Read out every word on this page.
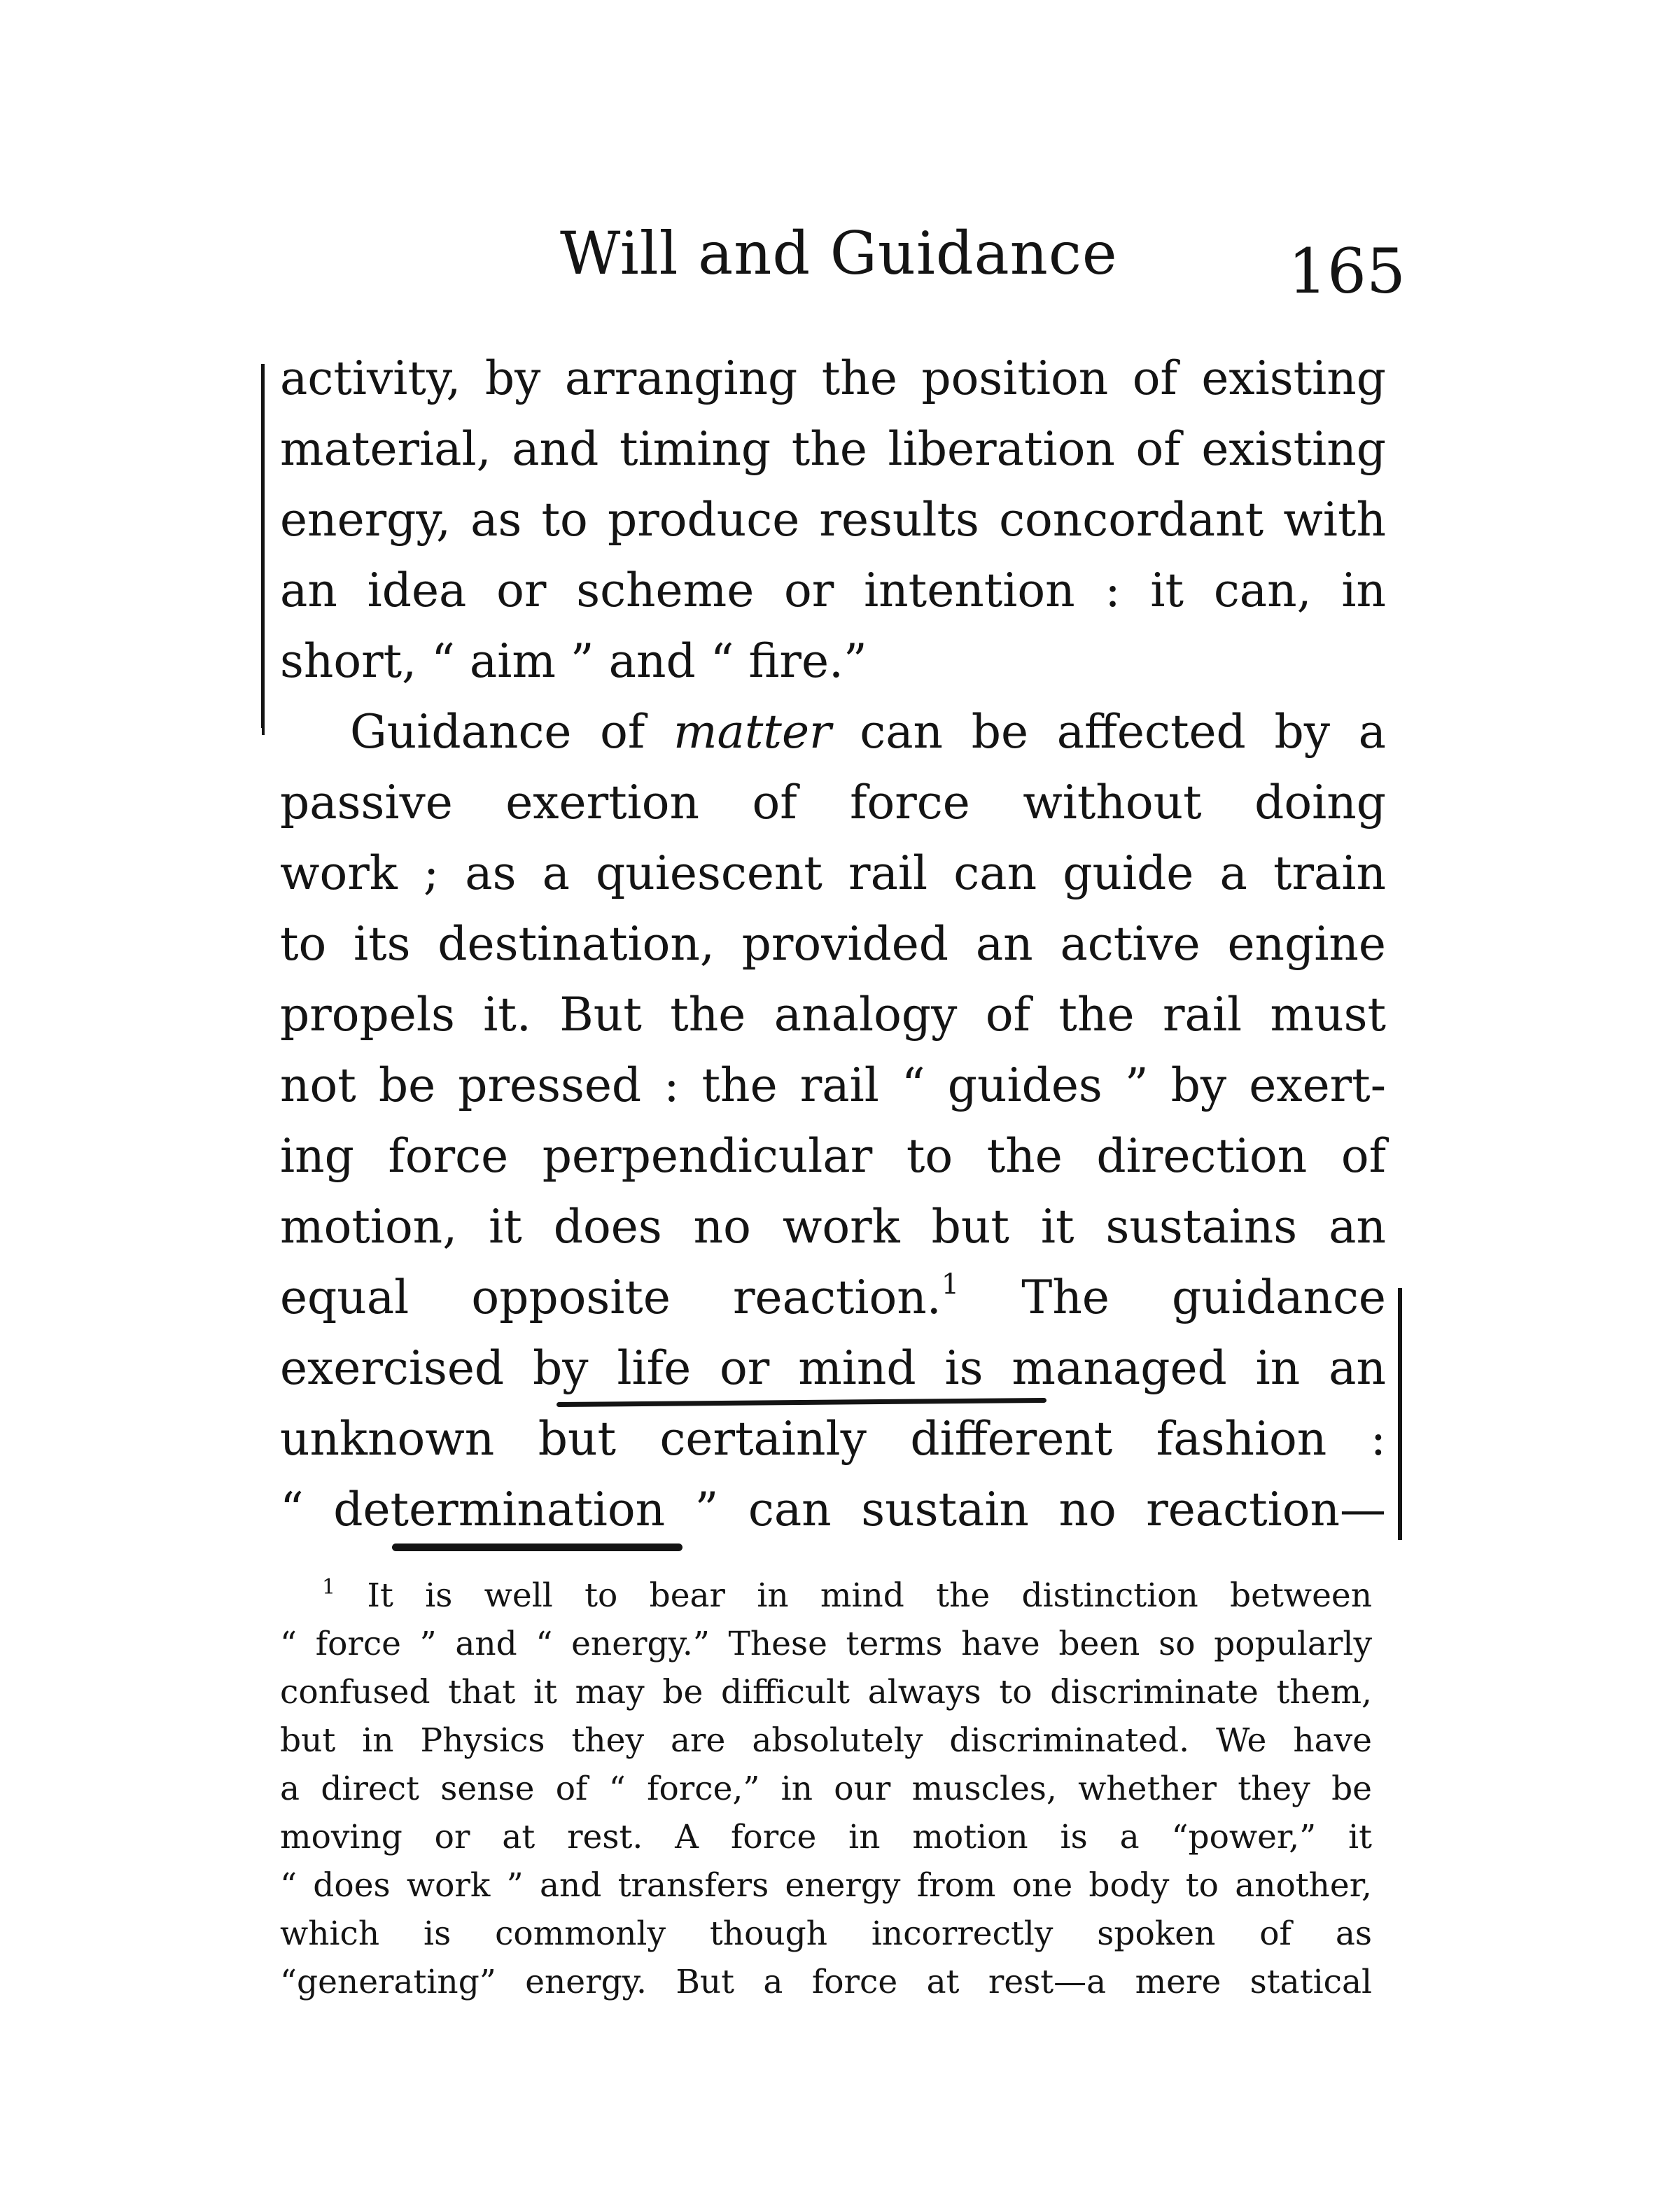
Will and Guidance	165
activity, by arranging the position of existing
material, and timing the liberation of existing
energy, as to produce results concordant with
an idea or scheme or intention : it can, in
short, “ aim ” and “ fire.”
Guidance of matter can be affected by a
passive exertion of force without doing
work ; as a quiescent rail can guide a train
to its destination, provided an active engine
propels it. But the analogy of the rail must
not be pressed : the rail “ guides ” by exert-
ing force perpendicular to the direction of
motion, it does no work but it sustains an
equal opposite reaction.$^1$ The guidance
exercised by life or mind is managed in an
unknown but certainly different fashion :
“ determination ” can sustain no reaction—
$^1$ It is well to bear in mind the distinction between
“ force ” and “ energy.” These terms have been so popularly
confused that it may be difficult always to discriminate them,
but in Physics they are absolutely discriminated. We have
a direct sense of “ force,” in our muscles, whether they be
moving or at rest. A force in motion is a “power,” it
“ does work ” and transfers energy from one body to another,
which is commonly though incorrectly spoken of as
“generating” energy. But a force at rest—a mere statical
